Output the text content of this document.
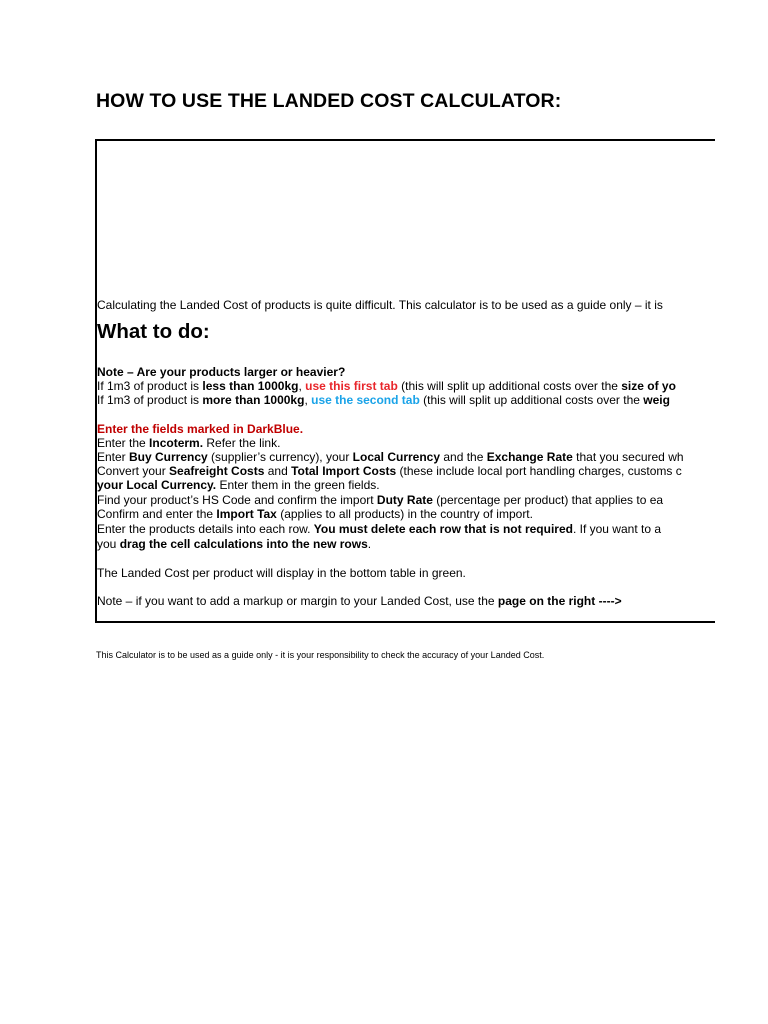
HOW TO USE THE LANDED COST CALCULATOR:
Calculating the Landed Cost of products is quite difficult. This calculator is to be used as a guide only – it is
What to do:
Note – Are your products larger or heavier?
If 1m3 of product is less than 1000kg, use this first tab (this will split up additional costs over the size of yo
If 1m3 of product is more than 1000kg, use the second tab (this will split up additional costs over the weig
Enter the fields marked in DarkBlue.
Enter the Incoterm. Refer the link.
Enter Buy Currency (supplier’s currency), your Local Currency and the Exchange Rate that you secured wh
Convert your Seafreight Costs and Total Import Costs (these include local port handling charges, customs c
your Local Currency. Enter them in the green fields.
Find your product’s HS Code and confirm the import Duty Rate (percentage per product) that applies to ea
Confirm and enter the Import Tax (applies to all products) in the country of import.
Enter the products details into each row. You must delete each row that is not required. If you want to a
you drag the cell calculations into the new rows.
The Landed Cost per product will display in the bottom table in green.
Note – if you want to add a markup or margin to your Landed Cost, use the page on the right ---->
This Calculator is to be used as a guide only - it is your responsibility to check the accuracy of your Landed Cost.
